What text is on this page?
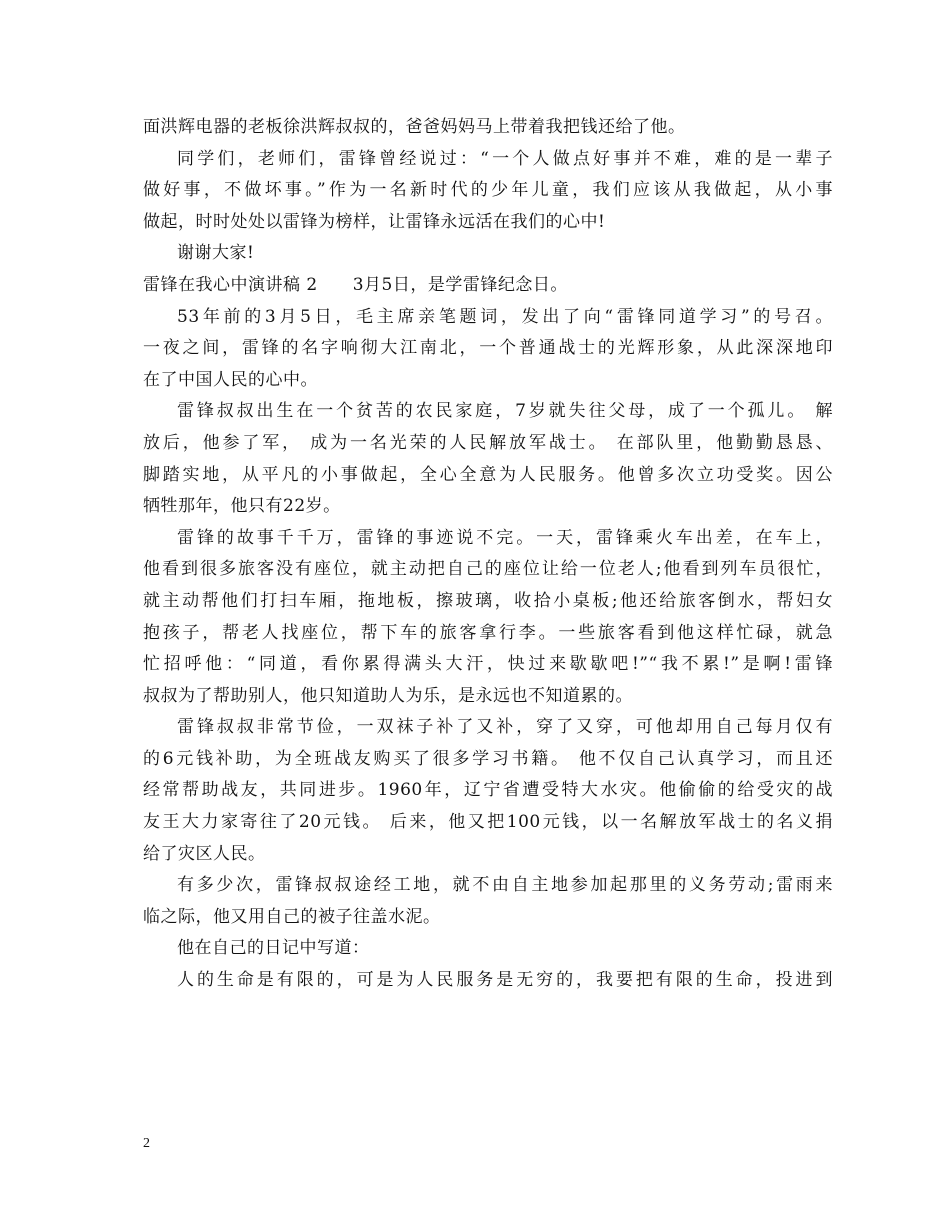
面洪辉电器的老板徐洪辉叔叔的，爸爸妈妈马上带着我把钱还给了他。
同学们，老师们，雷锋曾经说过：“一个人做点好事并不难，难的是一辈子
做好事，不做坏事。”作为一名新时代的少年儿童，我们应该从我做起，从小事
做起，时时处处以雷锋为榜样，让雷锋永远活在我们的心中!
谢谢大家!
雷锋在我心中演讲稿 2　　3月5日，是学雷锋纪念日。
53年前的3月5日，毛主席亲笔题词，发出了向“雷锋同道学习”的号召。
一夜之间，雷锋的名字响彻大江南北，一个普通战士的光辉形象，从此深深地印
在了中国人民的心中。
雷锋叔叔出生在一个贫苦的农民家庭，7岁就失往父母，成了一个孤儿。 解
放后，他参了军， 成为一名光荣的人民解放军战士。 在部队里，他勤勤恳恳、
脚踏实地，从平凡的小事做起，全心全意为人民服务。他曾多次立功受奖。因公
牺牲那年，他只有22岁。
雷锋的故事千千万，雷锋的事迹说不完。一天，雷锋乘火车出差，在车上，
他看到很多旅客没有座位，就主动把自己的座位让给一位老人;他看到列车员很忙，
就主动帮他们打扫车厢，拖地板，擦玻璃，收拾小桌板;他还给旅客倒水，帮妇女
抱孩子，帮老人找座位，帮下车的旅客拿行李。一些旅客看到他这样忙碌，就急
忙招呼他：“同道，看你累得满头大汗，快过来歇歇吧!”“我不累!”是啊!雷锋
叔叔为了帮助别人，他只知道助人为乐，是永远也不知道累的。
雷锋叔叔非常节俭，一双袜子补了又补，穿了又穿，可他却用自己每月仅有
的6元钱补助，为全班战友购买了很多学习书籍。 他不仅自己认真学习，而且还
经常帮助战友，共同进步。1960年，辽宁省遭受特大水灾。他偷偷的给受灾的战
友王大力家寄往了20元钱。 后来，他又把100元钱，以一名解放军战士的名义捐
给了灾区人民。
有多少次，雷锋叔叔途经工地，就不由自主地参加起那里的义务劳动;雷雨来
临之际，他又用自己的被子往盖水泥。
他在自己的日记中写道：
人的生命是有限的，可是为人民服务是无穷的，我要把有限的生命，投进到
2
